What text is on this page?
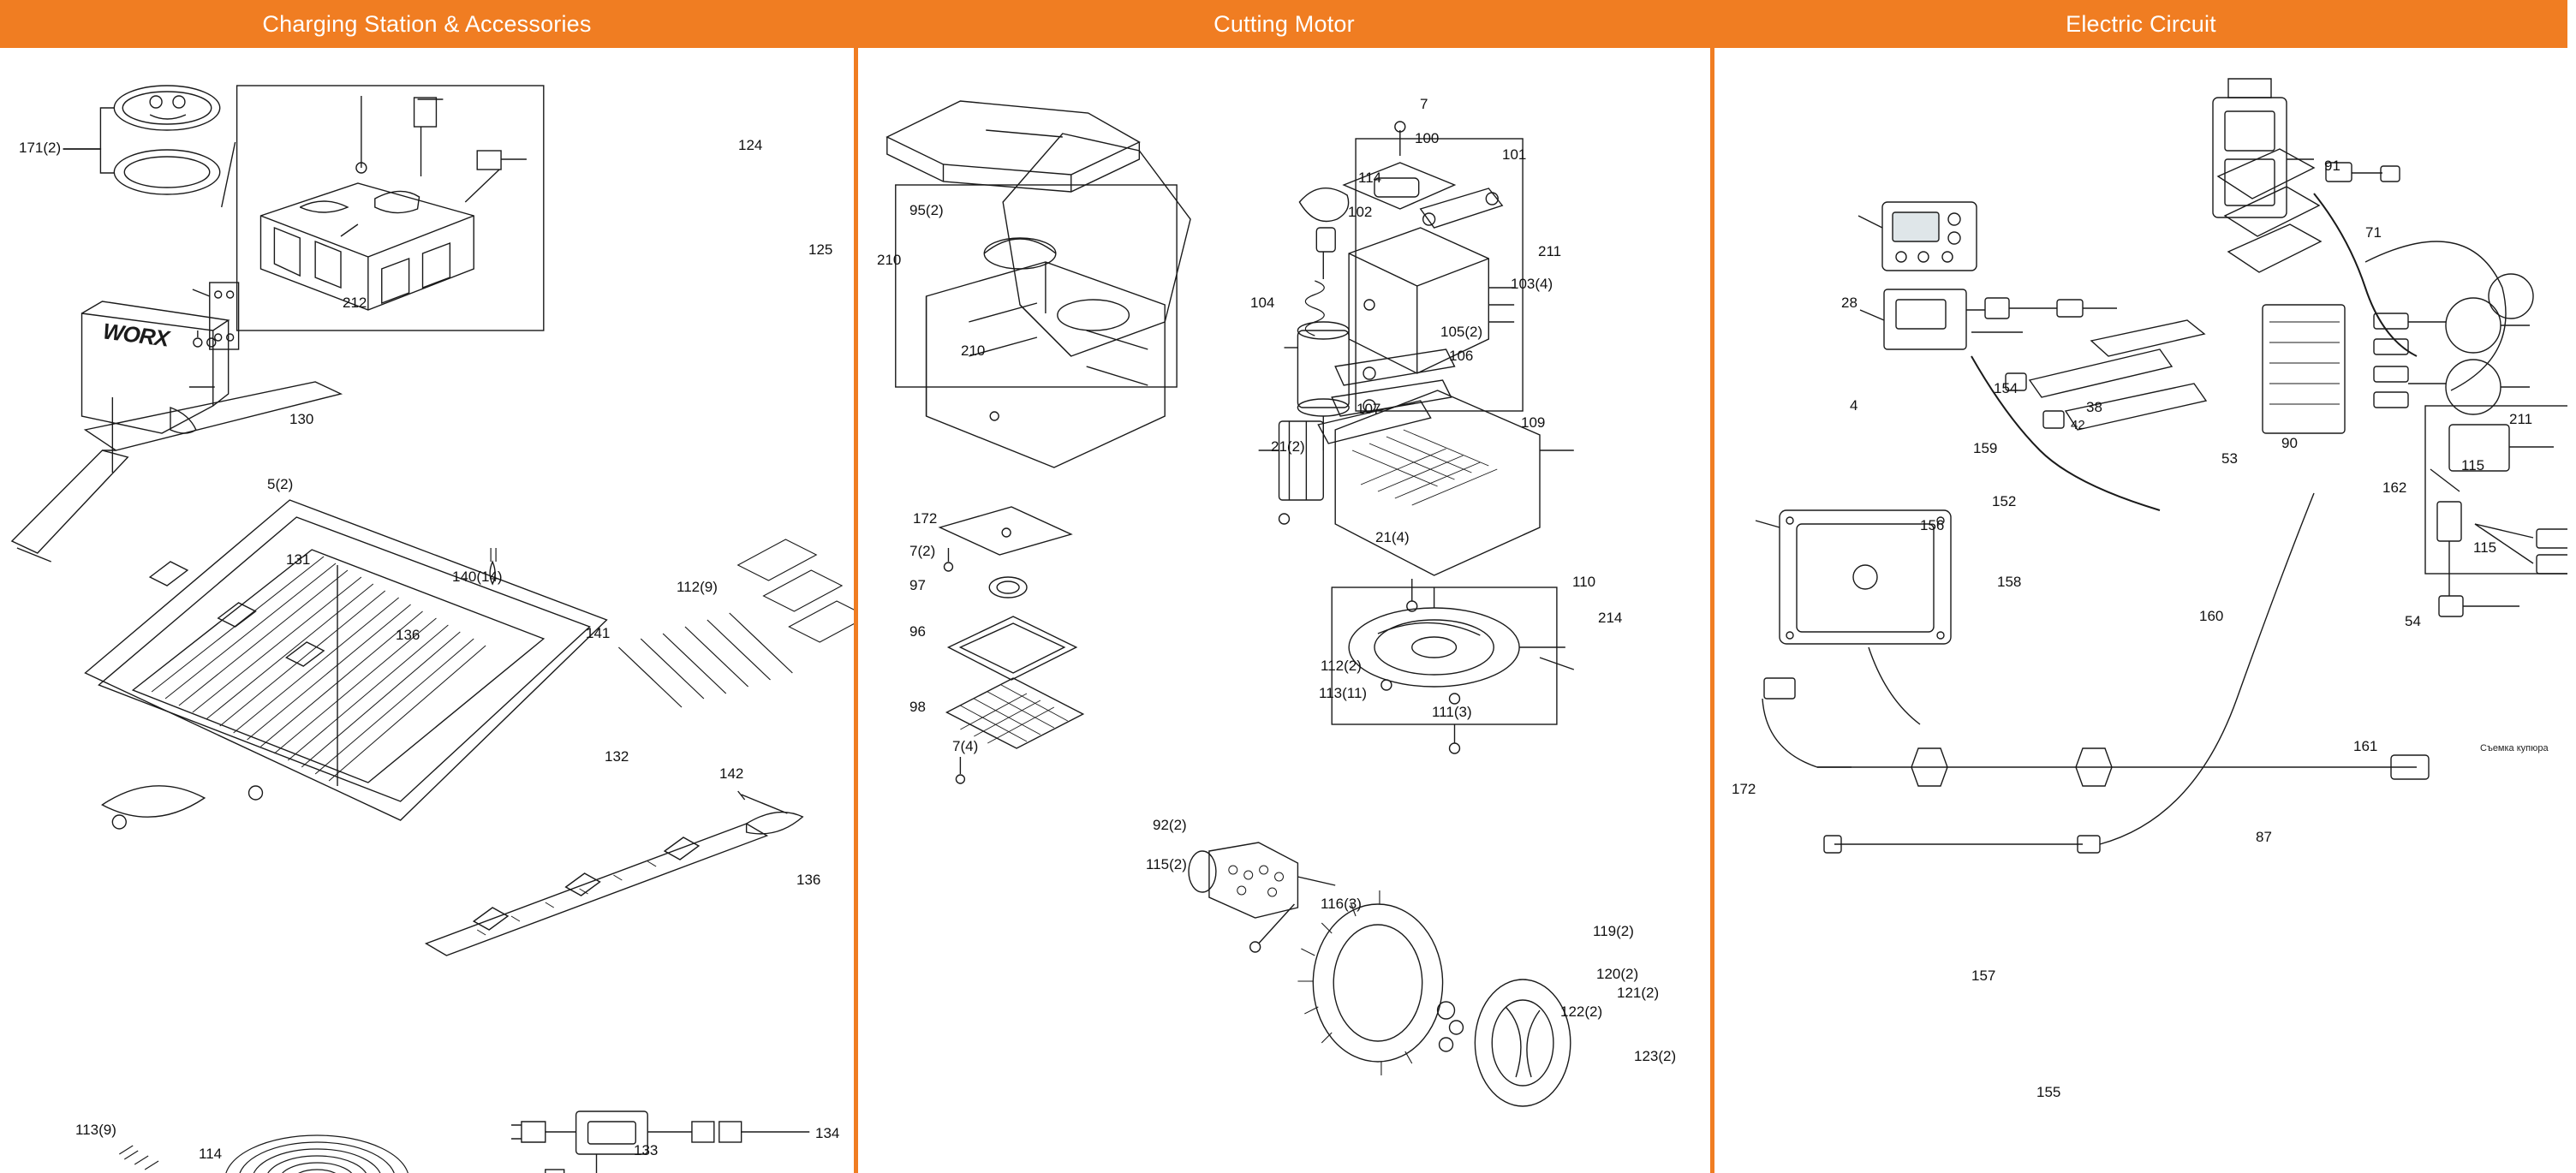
Charging Station & Accessories
WORX
171(2)
212
124
125
130
5(2)
131
136
140(14)
141
112(9)
132
142
136
113(9)
114	133
134
Cutting Motor
7
100
101
114
95(2)	102
210
211
103(4)
104
105(2)
106
210
107
109
21(2)
172
7(2)
21(4)
97	110
96
214
98
112(2)
113(11)
111(3)
7(4)
92(2)
115(2)
116(3)
119(2)
120(2)
121(2)
122(2)
123(2)
Electric Circuit
91
71
28
154
38
4
42	211
159	90
53
162
115
152
156
115
158
160	54
161
87
172
157
155
Съемка купюра
